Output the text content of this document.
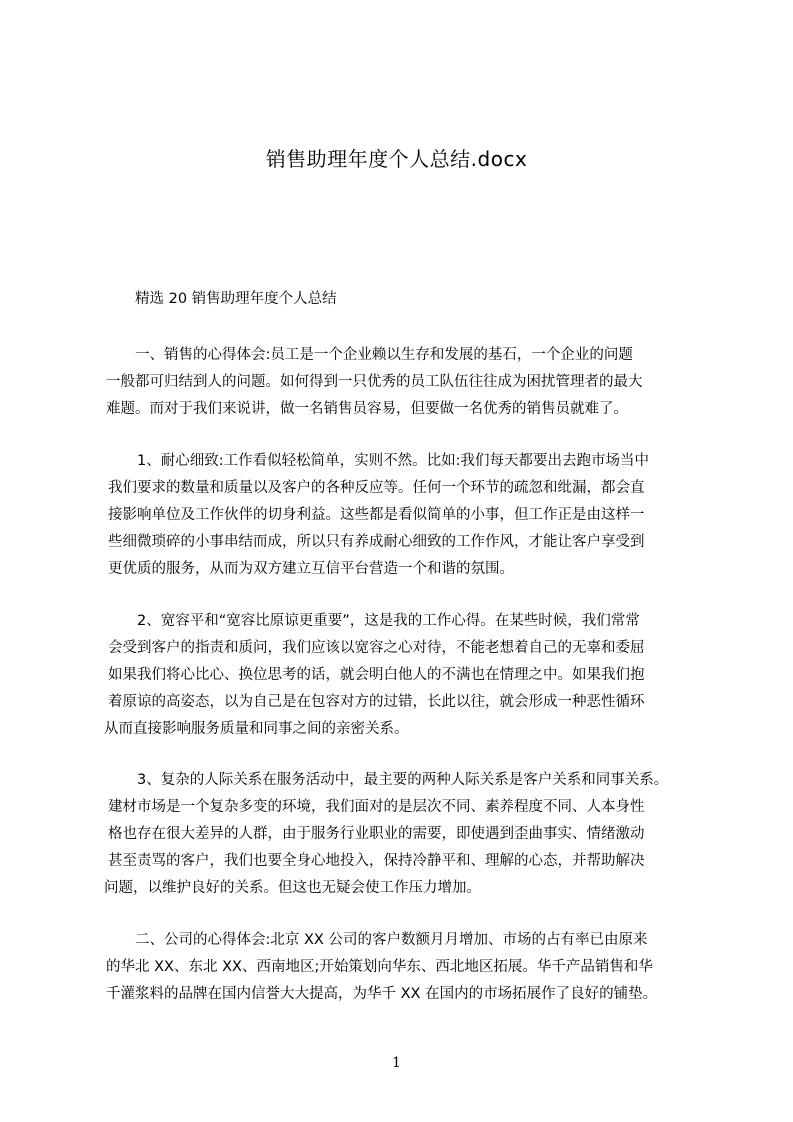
销售助理年度个人总结.docx
精选 20 销售助理年度个人总结
一、销售的心得体会:员工是一个企业赖以生存和发展的基石，一个企业的问题
一般都可归结到人的问题。如何得到一只优秀的员工队伍往往成为困扰管理者的最大
难题。而对于我们来说讲，做一名销售员容易，但要做一名优秀的销售员就难了。
1、耐心细致:工作看似轻松简单，实则不然。比如:我们每天都要出去跑市场当中
我们要求的数量和质量以及客户的各种反应等。任何一个环节的疏忽和纰漏，都会直
接影响单位及工作伙伴的切身利益。这些都是看似简单的小事，但工作正是由这样一
些细微琐碎的小事串结而成，所以只有养成耐心细致的工作作风，才能让客户享受到
更优质的服务，从而为双方建立互信平台营造一个和谐的氛围。
2、宽容平和“宽容比原谅更重要”，这是我的工作心得。在某些时候，我们常常
会受到客户的指责和质问，我们应该以宽容之心对待，不能老想着自己的无辜和委屈
如果我们将心比心、换位思考的话，就会明白他人的不满也在情理之中。如果我们抱
着原谅的高姿态，以为自己是在包容对方的过错，长此以往，就会形成一种恶性循环
从而直接影响服务质量和同事之间的亲密关系。
3、复杂的人际关系在服务活动中，最主要的两种人际关系是客户关系和同事关系。
建材市场是一个复杂多变的环境，我们面对的是层次不同、素养程度不同、人本身性
格也存在很大差异的人群，由于服务行业职业的需要，即使遇到歪曲事实、情绪激动
甚至责骂的客户，我们也要全身心地投入，保持冷静平和、理解的心态，并帮助解决
问题，以维护良好的关系。但这也无疑会使工作压力增加。
二、公司的心得体会:北京 XX 公司的客户数额月月增加、市场的占有率已由原来
的华北 XX、东北 XX、西南地区;开始策划向华东、西北地区拓展。华千产品销售和华
千灌浆料的品牌在国内信誉大大提高，为华千 XX 在国内的市场拓展作了良好的铺垫。
1
